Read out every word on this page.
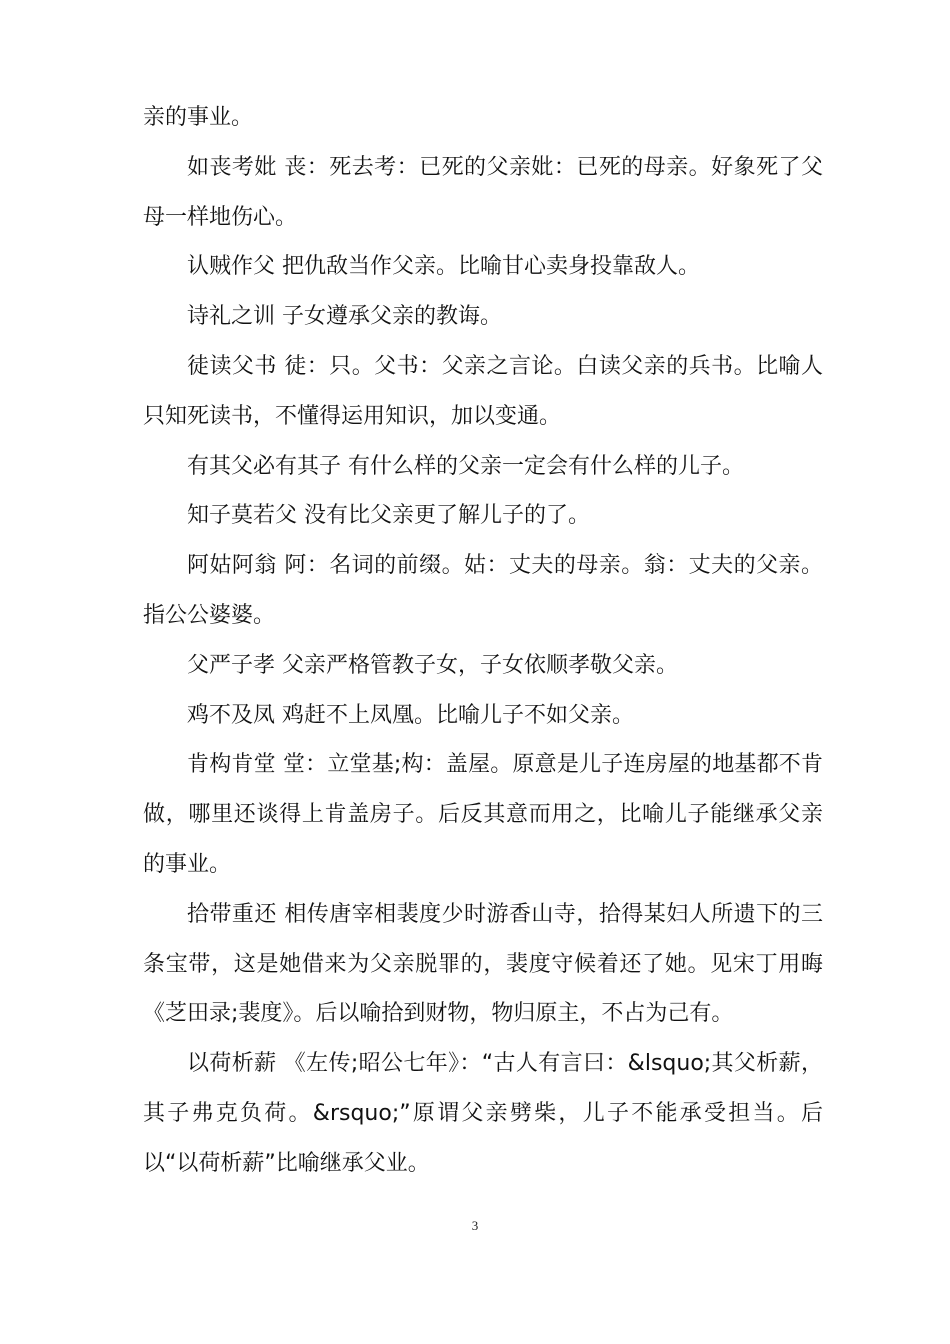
亲的事业。

如丧考妣 丧：死去考：已死的父亲妣：已死的母亲。好象死了父母一样地伤心。

认贼作父 把仇敌当作父亲。比喻甘心卖身投靠敌人。

诗礼之训 子女遵承父亲的教诲。

徒读父书 徒：只。父书：父亲之言论。白读父亲的兵书。比喻人只知死读书，不懂得运用知识，加以变通。

有其父必有其子 有什么样的父亲一定会有什么样的儿子。

知子莫若父 没有比父亲更了解儿子的了。

阿姑阿翁 阿：名词的前缀。姑：丈夫的母亲。翁：丈夫的父亲。指公公婆婆。

父严子孝 父亲严格管教子女，子女依顺孝敬父亲。

鸡不及凤 鸡赶不上凤凰。比喻儿子不如父亲。

肯构肯堂 堂：立堂基;构：盖屋。原意是儿子连房屋的地基都不肯做，哪里还谈得上肯盖房子。后反其意而用之，比喻儿子能继承父亲的事业。

拾带重还 相传唐宰相裴度少时游香山寺，拾得某妇人所遗下的三条宝带，这是她借来为父亲脱罪的，裴度守候着还了她。见宋丁用晦《芝田录;裴度》。后以喻拾到财物，物归原主，不占为己有。

以荷析薪 《左传;昭公七年》：“古人有言曰：&lsquo;其父析薪，其子弗克负荷。&rsquo;”原谓父亲劈柴，儿子不能承受担当。后以“以荷析薪”比喻继承父业。

3
